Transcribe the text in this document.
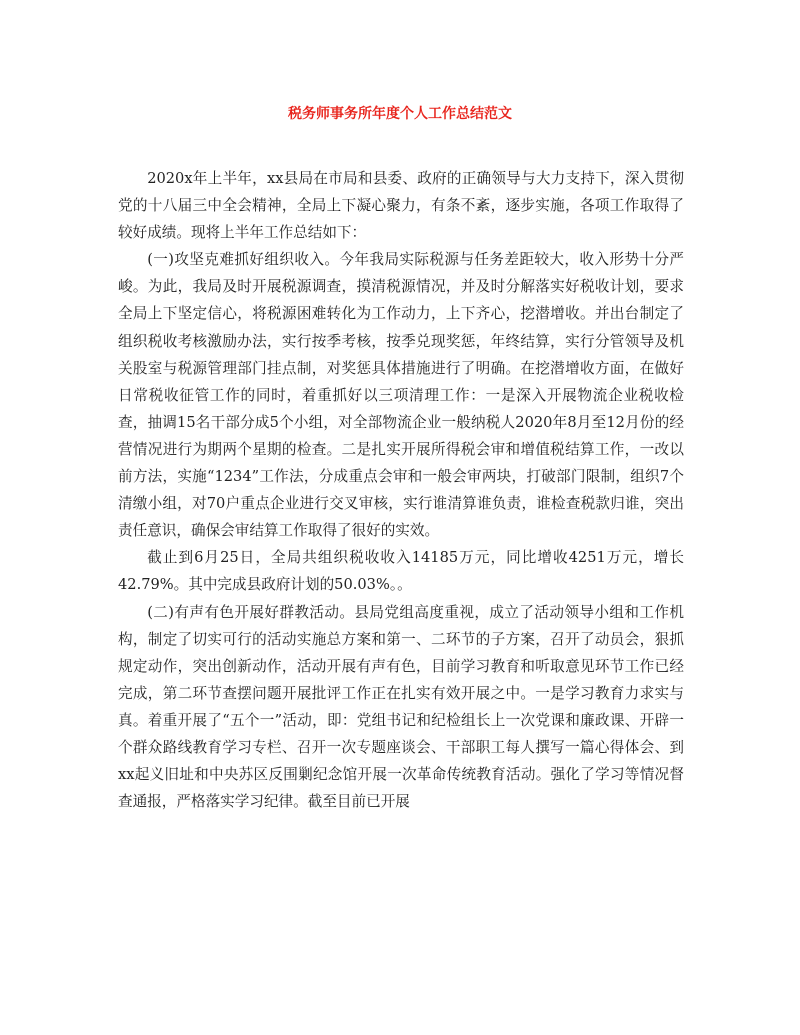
税务师事务所年度个人工作总结范文

2020x年上半年，xx县局在市局和县委、政府的正确领导与大力支持下，深入贯彻党的十八届三中全会精神，全局上下凝心聚力，有条不紊，逐步实施，各项工作取得了较好成绩。现将上半年工作总结如下：

(一)攻坚克难抓好组织收入。今年我局实际税源与任务差距较大，收入形势十分严峻。为此，我局及时开展税源调查，摸清税源情况，并及时分解落实好税收计划，要求全局上下坚定信心，将税源困难转化为工作动力，上下齐心，挖潜增收。并出台制定了组织税收考核激励办法，实行按季考核，按季兑现奖惩，年终结算，实行分管领导及机关股室与税源管理部门挂点制，对奖惩具体措施进行了明确。在挖潜增收方面，在做好日常税收征管工作的同时，着重抓好以三项清理工作：一是深入开展物流企业税收检查，抽调15名干部分成5个小组，对全部物流企业一般纳税人2020年8月至12月份的经营情况进行为期两个星期的检查。二是扎实开展所得税会审和增值税结算工作，一改以前方法，实施“1234”工作法，分成重点会审和一般会审两块，打破部门限制，组织7个清缴小组，对70户重点企业进行交叉审核，实行谁清算谁负责，谁检查税款归谁，突出责任意识，确保会审结算工作取得了很好的实效。

截止到6月25日，全局共组织税收收入14185万元，同比增收4251万元，增长42.79%。其中完成县政府计划的50.03%。。

(二)有声有色开展好群教活动。县局党组高度重视，成立了活动领导小组和工作机构，制定了切实可行的活动实施总方案和第一、二环节的子方案，召开了动员会，狠抓规定动作，突出创新动作，活动开展有声有色，目前学习教育和听取意见环节工作已经完成，第二环节查摆问题开展批评工作正在扎实有效开展之中。一是学习教育力求实与真。着重开展了“五个一”活动，即：党组书记和纪检组长上一次党课和廉政课、开辟一个群众路线教育学习专栏、召开一次专题座谈会、干部职工每人撰写一篇心得体会、到xx起义旧址和中央苏区反围剿纪念馆开展一次革命传统教育活动。强化了学习等情况督查通报，严格落实学习纪律。截至目前已开展
